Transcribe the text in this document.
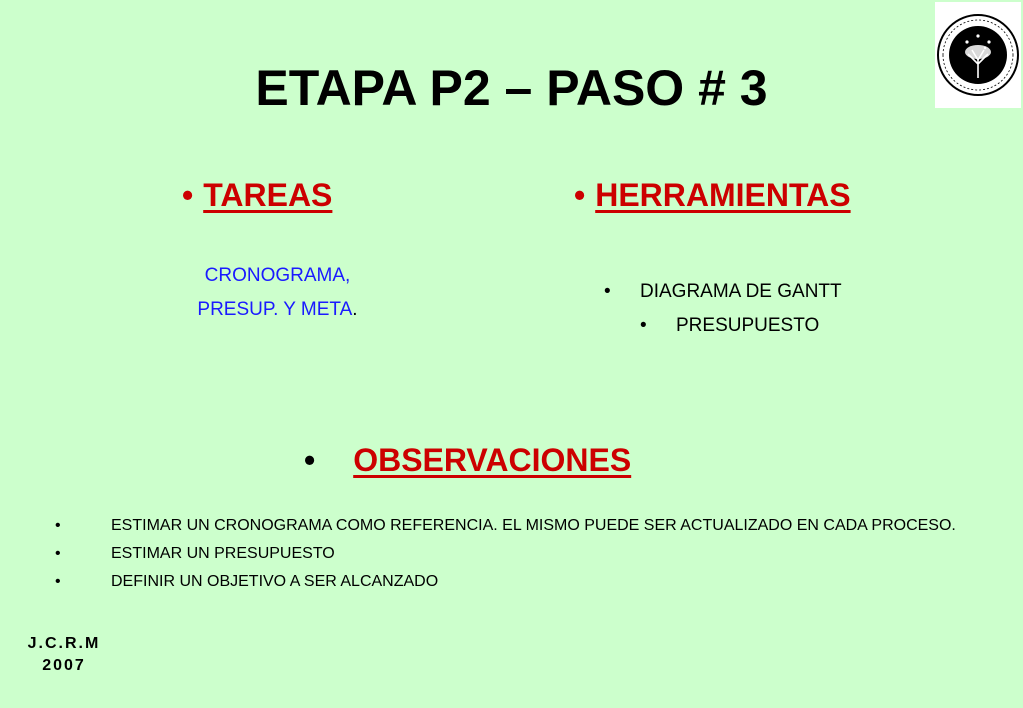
ETAPA P2 – PASO # 3
• TAREAS	• HERRAMIENTAS
CRONOGRAMA,
PRESUP. Y META.
• DIAGRAMA DE GANTT
• PRESUPUESTO
• OBSERVACIONES
•	ESTIMAR UN CRONOGRAMA COMO REFERENCIA. EL MISMO PUEDE SER ACTUALIZADO EN CADA PROCESO.
•	ESTIMAR UN PRESUPUESTO
•	DEFINIR UN OBJETIVO A SER ALCANZADO
J.C.R.M
2007
